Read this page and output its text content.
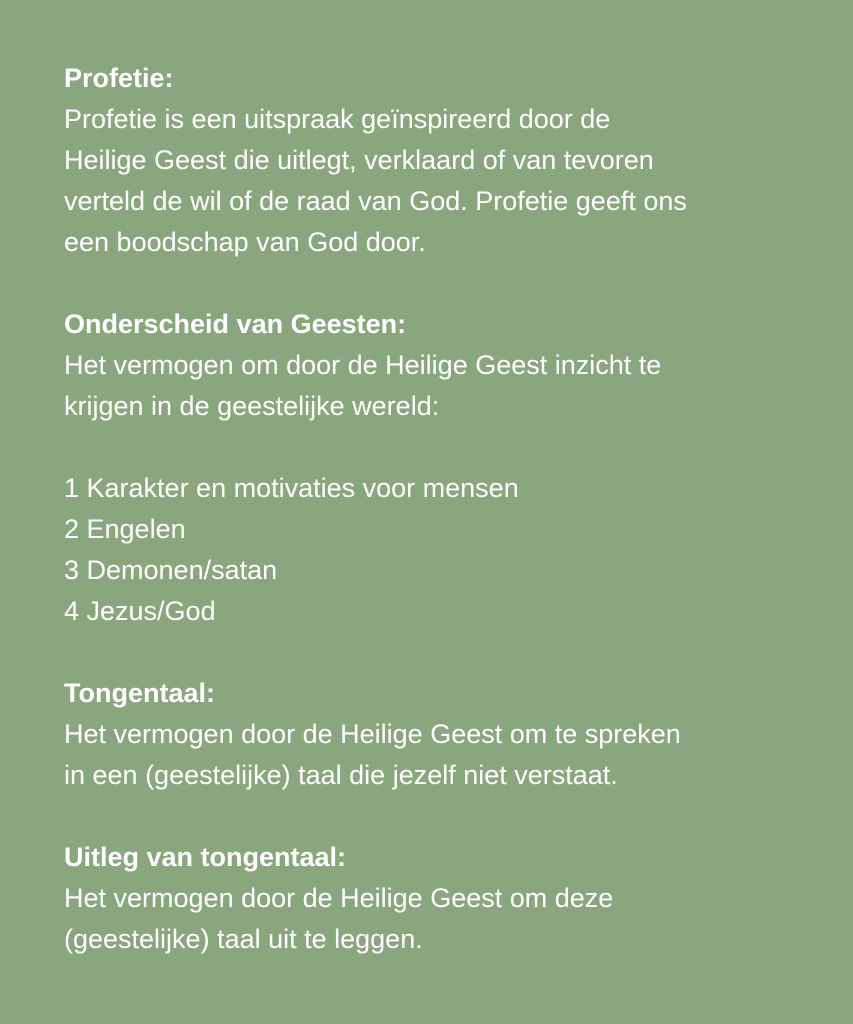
Profetie:

Profetie is een uitspraak geïnspireerd door de

Heilige Geest die uitlegt, verklaard of van tevoren

verteld de wil of de raad van God. Profetie geeft ons

een boodschap van God door.

Onderscheid van Geesten:

Het vermogen om door de Heilige Geest inzicht te

krijgen in de geestelijke wereld:

1 Karakter en motivaties voor mensen
2 Engelen
3 Demonen/satan
4 Jezus/God

Tongentaal:

Het vermogen door de Heilige Geest om te spreken

in een (geestelijke) taal die jezelf niet verstaat.

Uitleg van tongentaal:

Het vermogen door de Heilige Geest om deze

(geestelijke) taal uit te leggen.
